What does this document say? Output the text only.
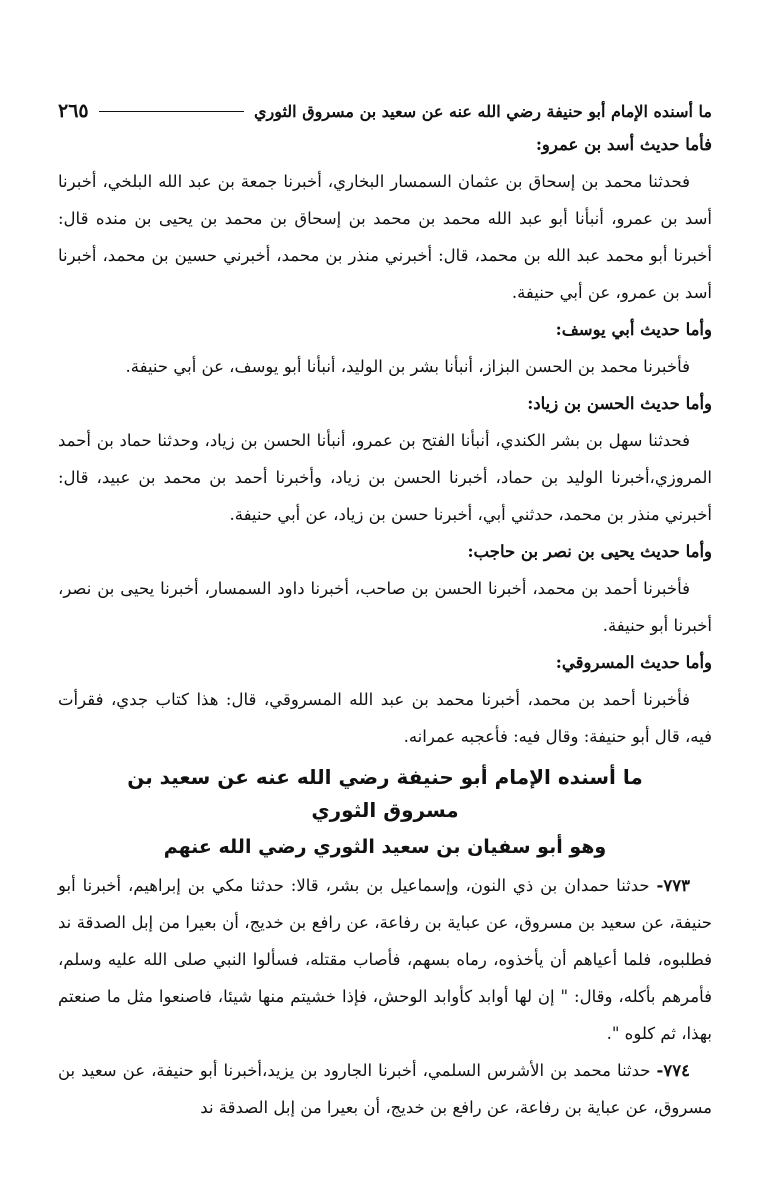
ما أسنده الإمام أبو حنيفة رضي الله عنه عن سعيد بن مسروق الثوري
٢٦٥

فأما حديث أسد بن عمرو:

فحدثنا محمد بن إسحاق بن عثمان السمسار البخاري، أخبرنا جمعة بن عبد الله البلخي، أخبرنا أسد بن عمرو، أنبأنا أبو عبد الله محمد بن محمد بن إسحاق بن محمد بن يحيى بن منده قال: أخبرنا أبو محمد عبد الله بن محمد، قال: أخبرني منذر بن محمد، أخبرني حسين بن محمد، أخبرنا أسد بن عمرو، عن أبي حنيفة.

وأما حديث أبي يوسف:

فأخبرنا محمد بن الحسن البزاز، أنبأنا بشر بن الوليد، أنبأنا أبو يوسف، عن أبي حنيفة.

وأما حديث الحسن بن زياد:

فحدثنا سهل بن بشر الكندي، أنبأنا الفتح بن عمرو، أنبأنا الحسن بن زياد، وحدثنا حماد بن أحمد المروزي،أخبرنا الوليد بن حماد، أخبرنا الحسن بن زياد، وأخبرنا أحمد بن محمد بن عبيد، قال: أخبرني منذر بن محمد، حدثني أبي، أخبرنا حسن بن زياد، عن أبي حنيفة.

وأما حديث يحيى بن نصر بن حاجب:

فأخبرنا أحمد بن محمد، أخبرنا الحسن بن صاحب، أخبرنا داود السمسار، أخبرنا يحيى بن نصر، أخبرنا أبو حنيفة.

وأما حديث المسروقي:

فأخبرنا أحمد بن محمد، أخبرنا محمد بن عبد الله المسروقي، قال: هذا كتاب جدي، فقرأت فيه، قال أبو حنيفة: وقال فيه: فأعجبه عمرانه.

ما أسنده الإمام أبو حنيفة رضي الله عنه عن سعيد بن مسروق الثوري
وهو أبو سفيان بن سعيد الثوري رضي الله عنهم

٧٧٣- حدثنا حمدان بن ذي النون، وإسماعيل بن بشر، قالا: حدثنا مكي بن إبراهيم، أخبرنا أبو حنيفة، عن سعيد بن مسروق، عن عباية بن رفاعة، عن رافع بن خديج، أن بعيرا من إبل الصدقة ند فطلبوه، فلما أعياهم أن يأخذوه، رماه بسهم، فأصاب مقتله، فسألوا النبي صلى الله عليه وسلم، فأمرهم بأكله، وقال: " إن لها أوابد كأوابد الوحش، فإذا خشيتم منها شيئا، فاصنعوا مثل ما صنعتم بهذا، ثم كلوه ".

٧٧٤- حدثنا محمد بن الأشرس السلمي، أخبرنا الجارود بن يزيد،أخبرنا أبو حنيفة، عن سعيد بن مسروق، عن عباية بن رفاعة، عن رافع بن خديج، أن بعيرا من إبل الصدقة ند
